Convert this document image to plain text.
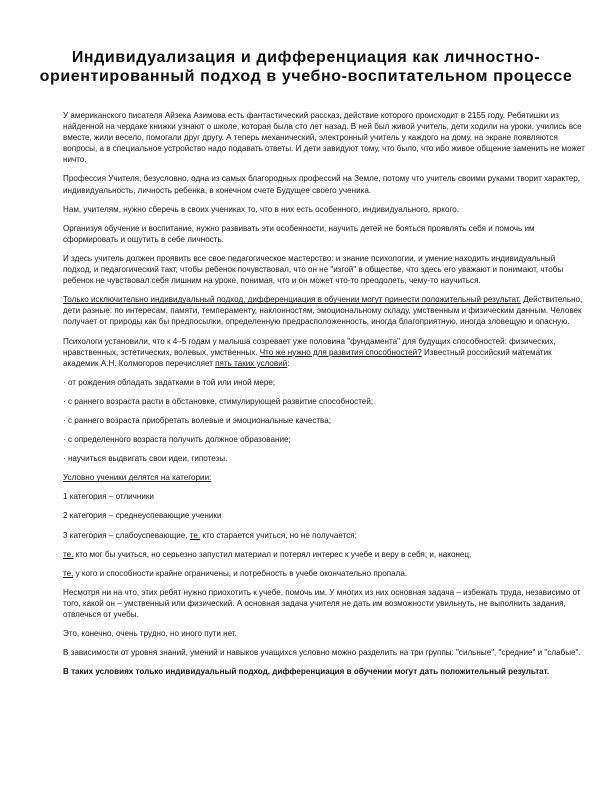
Индивидуализация и дифференциация как личностно-ориентированный подход в учебно-воспитательном процессе

У американского писателя Айзека Азимова есть фантастический рассказ, действие которого происходит в 2155 году. Ребятишки из найденной на чердаке книжки узнают о школе, которая была сто лет назад. В ней был живой учитель, дети ходили на уроки, учились все вместе, жили весело, помогали друг другу. А теперь механический, электронный учитель у каждого на дому, на экране появляются вопросы, а в специальное устройство надо подавать ответы. И дети завидуют тому, что было, что ибо живое общение заменить не может ничто.

Профессия Учителя, безусловно, одна из самых благородных профессий на Земле, потому что учитель своими руками творит характер, индивидуальность, личность ребенка, в конечном счете Будущее своего ученика.

Нам, учителям, нужно сберечь в своих учениках то, что в них есть особенного, индивидуального, яркого.

Организуя обучение и воспитание, нужно развивать эти особенности, научить детей не бояться проявлять себя и помочь им сформировать и ощутить в себе личность.

И здесь учитель должен проявить все свое педагогическое мастерство: и знание психологии, и умение находить индивидуальный подход, и педагогический такт, чтобы ребенок почувствовал, что он не "изгой" в обществе, что здесь его уважают и понимают, чтобы ребенок не чувствовал себя лишним на уроке, понимая, что и он может что-то преодолеть, чему-то научиться.

Только исключительно индивидуальный подход, дифференциация в обучении могут принести положительный результат. Действительно, дети разные: по интересам, памяти, темпераменту, наклонностям, эмоциональному складу, умственным и физическим данным. Человек получает от природы как бы предпосылки, определенную предрасположенность, иногда благоприятную, иногда зловещую и опасную.

Психологи установили, что к 4–5 годам у малыша созревает уже половина "фундамента" для будущих способностей: физических, нравственных, эстетических, волевых, умственных. Что же нужно для развития способностей? Известный российский математик академик А.Н. Колмогоров перечисляет пять таких условий:

· от рождения обладать задатками в той или иной мере;

· с раннего возраста расти в обстановке, стимулирующей развитие способностей;

· с раннего возраста приобретать волевые и эмоциональные качества;

· с определенного возраста получить должное образование;

· научиться выдвигать свои идеи, гипотезы.

Условно ученики делятся на категории:

1 категория – отличники

2 категория – среднеуспевающие ученики

3 категория – слабоуспевающие, те. кто старается учиться, но не получается;

те. кто мог бы учиться, но серьезно запустил материал и потерял интерес к учебе и веру в себя; и, наконец,

те, у кого и способности крайне ограничены, и потребность в учебе окончательно пропала.

Несмотря ни на что, этих ребят нужно приохотить к учебе, помочь им. У многих из них основная задача – избежать труда, независимо от того, какой он – умственный или физический. А основная задача учителя не дать им возможности увильнуть, не выполнить задания, отвлечься от учебы.

Это, конечно, очень трудно, но иного пути нет.

В зависимости от уровня знаний, умений и навыков учащихся условно можно разделить на три группы: "сильные", "средние" и "слабые".

В таких условиях только индивидуальный подход, дифференциация в обучении могут дать положительный результат.
